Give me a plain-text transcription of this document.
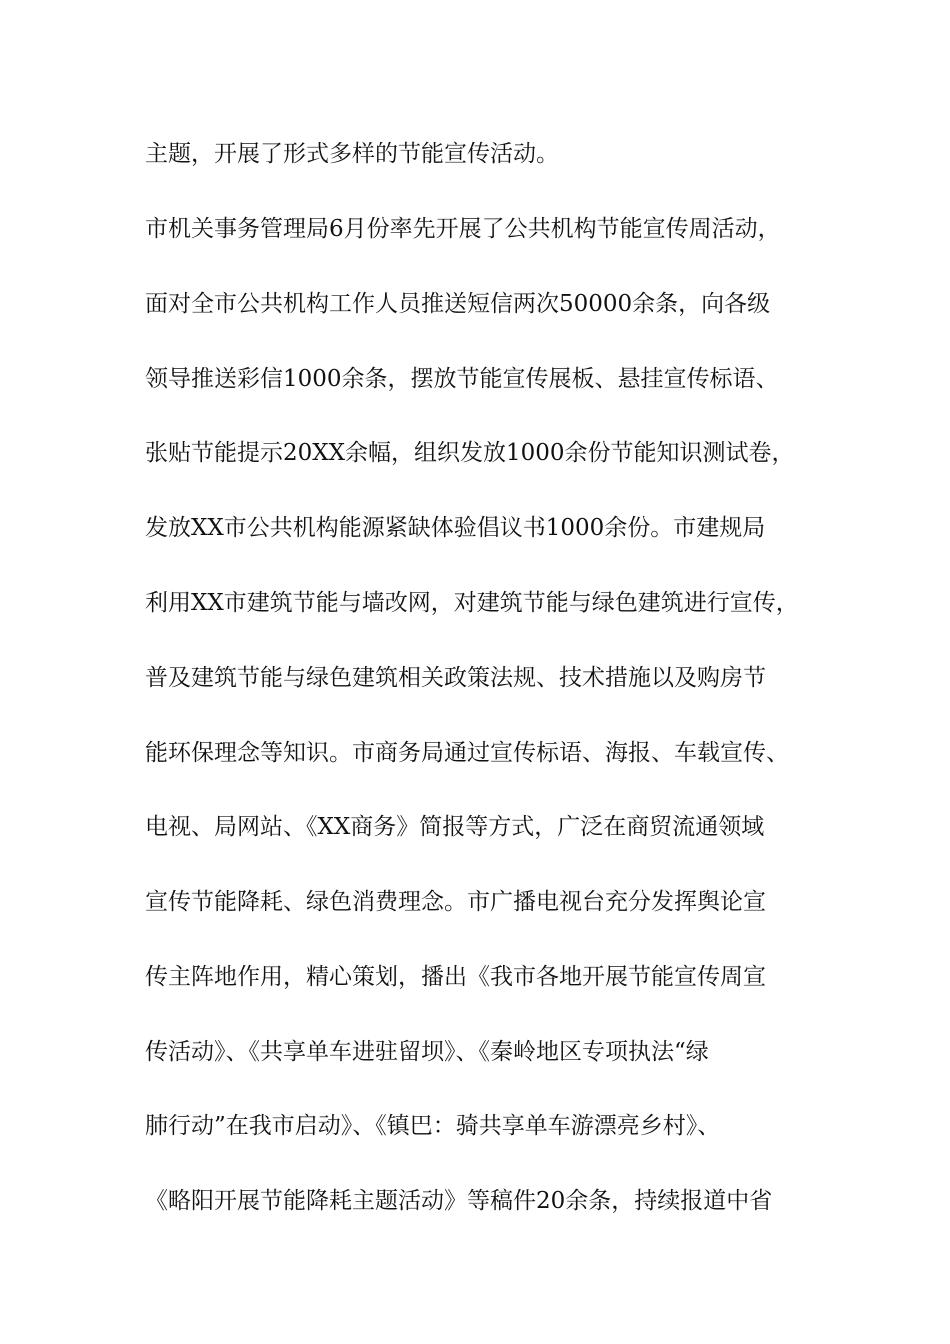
主题，开展了形式多样的节能宣传活动。
市机关事务管理局6月份率先开展了公共机构节能宣传周活动，
面对全市公共机构工作人员推送短信两次50000余条，向各级
领导推送彩信1000余条，摆放节能宣传展板、悬挂宣传标语、
张贴节能提示20XX余幅，组织发放1000余份节能知识测试卷，
发放XX市公共机构能源紧缺体验倡议书1000余份。市建规局
利用XX市建筑节能与墙改网，对建筑节能与绿色建筑进行宣传，
普及建筑节能与绿色建筑相关政策法规、技术措施以及购房节
能环保理念等知识。市商务局通过宣传标语、海报、车载宣传、
电视、局网站、《XX商务》简报等方式，广泛在商贸流通领域
宣传节能降耗、绿色消费理念。市广播电视台充分发挥舆论宣
传主阵地作用，精心策划，播出《我市各地开展节能宣传周宣
传活动》、《共享单车进驻留坝》、《秦岭地区专项执法“绿
肺行动”在我市启动》、《镇巴：骑共享单车游漂亮乡村》、
《略阳开展节能降耗主题活动》等稿件20余条，持续报道中省
